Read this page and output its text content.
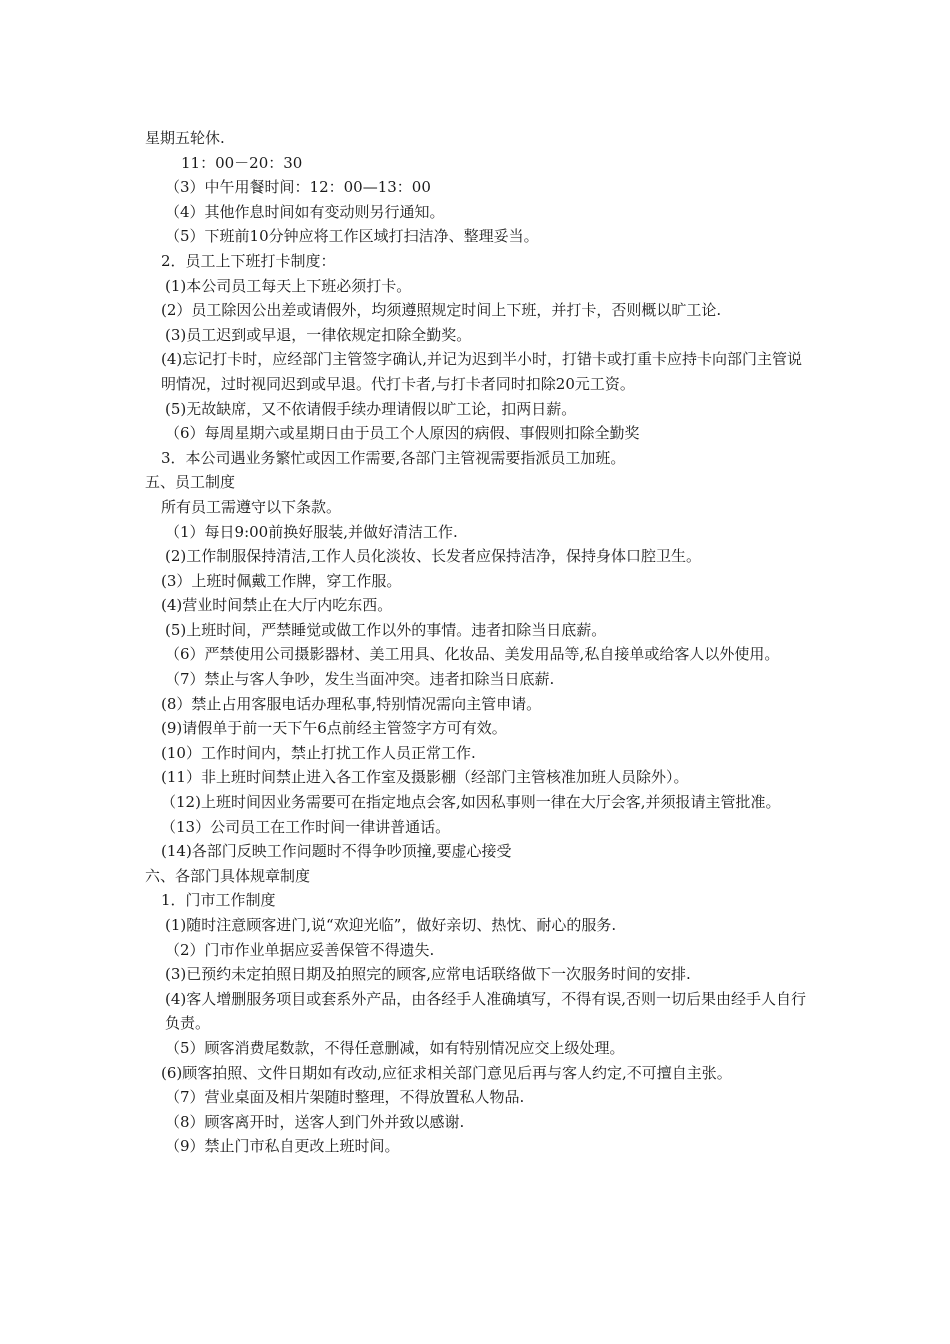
星期五轮休.
11：00－20：30
（3）中午用餐时间：12：00—13：00
（4）其他作息时间如有变动则另行通知。
（5）下班前10分钟应将工作区域打扫洁净、整理妥当。
2．员工上下班打卡制度：
(1)本公司员工每天上下班必须打卡。
(2）员工除因公出差或请假外，均须遵照规定时间上下班，并打卡，否则概以旷工论.
(3)员工迟到或早退，一律依规定扣除全勤奖。
(4)忘记打卡时，应经部门主管签字确认,并记为迟到半小时，打错卡或打重卡应持卡向部门主管说明情况，过时视同迟到或早退。代打卡者,与打卡者同时扣除20元工资。
(5)无故缺席，又不依请假手续办理请假以旷工论，扣两日薪。
（6）每周星期六或星期日由于员工个人原因的病假、事假则扣除全勤奖
3．本公司遇业务繁忙或因工作需要,各部门主管视需要指派员工加班。
五、员工制度
所有员工需遵守以下条款。
（1）每日9:00前换好服装,并做好清洁工作.
(2)工作制服保持清洁,工作人员化淡妆、长发者应保持洁净，保持身体口腔卫生。
(3）上班时佩戴工作牌，穿工作服。
(4)营业时间禁止在大厅内吃东西。
(5)上班时间，严禁睡觉或做工作以外的事情。违者扣除当日底薪。
（6）严禁使用公司摄影器材、美工用具、化妆品、美发用品等,私自接单或给客人以外使用。
（7）禁止与客人争吵，发生当面冲突。违者扣除当日底薪.
(8）禁止占用客服电话办理私事,特别情况需向主管申请。
(9)请假单于前一天下午6点前经主管签字方可有效。
(10）工作时间内，禁止打扰工作人员正常工作.
(11）非上班时间禁止进入各工作室及摄影棚（经部门主管核准加班人员除外）。
（12)上班时间因业务需要可在指定地点会客,如因私事则一律在大厅会客,并须报请主管批准。
（13）公司员工在工作时间一律讲普通话。
(14)各部门反映工作问题时不得争吵顶撞,要虚心接受
六、各部门具体规章制度
1．门市工作制度
(1)随时注意顾客进门,说“欢迎光临”，做好亲切、热忱、耐心的服务.
（2）门市作业单据应妥善保管不得遗失.
(3)已预约未定拍照日期及拍照完的顾客,应常电话联络做下一次服务时间的安排.
(4)客人增删服务项目或套系外产品，由各经手人准确填写，不得有误,否则一切后果由经手人自行负责。
（5）顾客消费尾数款，不得任意删减，如有特别情况应交上级处理。
(6)顾客拍照、文件日期如有改动,应征求相关部门意见后再与客人约定,不可擅自主张。
（7）营业桌面及相片架随时整理，不得放置私人物品.
（8）顾客离开时，送客人到门外并致以感谢.
（9）禁止门市私自更改上班时间。
